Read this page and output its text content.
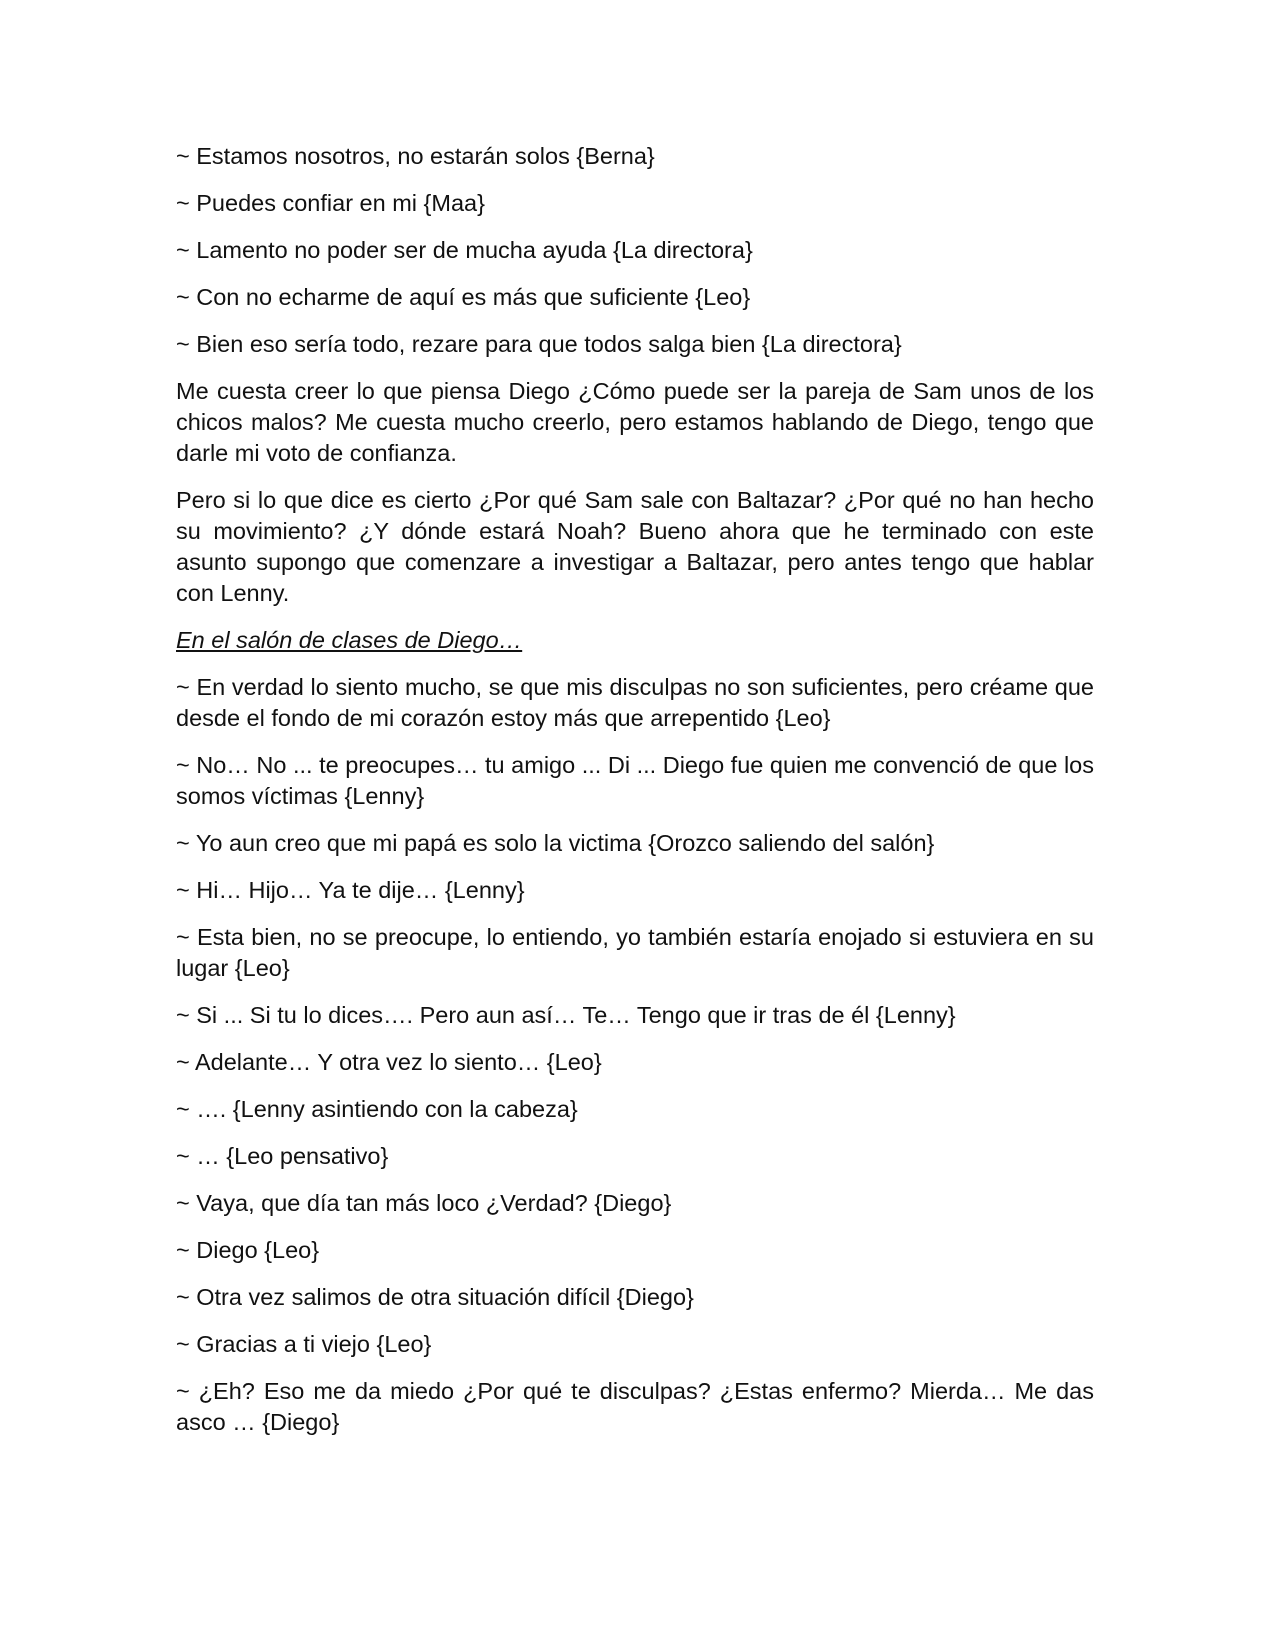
~ Estamos nosotros, no estarán solos {Berna}

~ Puedes confiar en mi {Maa}

~ Lamento no poder ser de mucha ayuda {La directora}

~ Con no echarme de aquí es más que suficiente {Leo}

~ Bien eso sería todo, rezare para que todos salga bien {La directora}

Me cuesta creer lo que piensa Diego ¿Cómo puede ser la pareja de Sam unos de los chicos malos? Me cuesta mucho creerlo, pero estamos hablando de Diego, tengo que darle mi voto de confianza.

Pero si lo que dice es cierto ¿Por qué Sam sale con Baltazar? ¿Por qué no han hecho su movimiento? ¿Y dónde estará Noah? Bueno ahora que he terminado con este asunto supongo que comenzare a investigar a Baltazar, pero antes tengo que hablar con Lenny.

En el salón de clases de Diego…

~ En verdad lo siento mucho, se que mis disculpas no son suficientes, pero créame que desde el fondo de mi corazón estoy más que arrepentido {Leo}

~ No… No ... te preocupes… tu amigo ... Di ... Diego fue quien me convenció de que los somos víctimas {Lenny}

~ Yo aun creo que mi papá es solo la victima {Orozco saliendo del salón}

~ Hi… Hijo… Ya te dije… {Lenny}

~ Esta bien, no se preocupe, lo entiendo, yo también estaría enojado si estuviera en su lugar {Leo}

~ Si ... Si tu lo dices…. Pero aun así… Te… Tengo que ir tras de él {Lenny}

~ Adelante… Y otra vez lo siento… {Leo}

~ …. {Lenny asintiendo con la cabeza}

~ … {Leo pensativo}

~ Vaya, que día tan más loco ¿Verdad? {Diego}

~ Diego {Leo}

~ Otra vez salimos de otra situación difícil {Diego}

~ Gracias a ti viejo {Leo}

~ ¿Eh? Eso me da miedo ¿Por qué te disculpas? ¿Estas enfermo? Mierda… Me das asco … {Diego}
